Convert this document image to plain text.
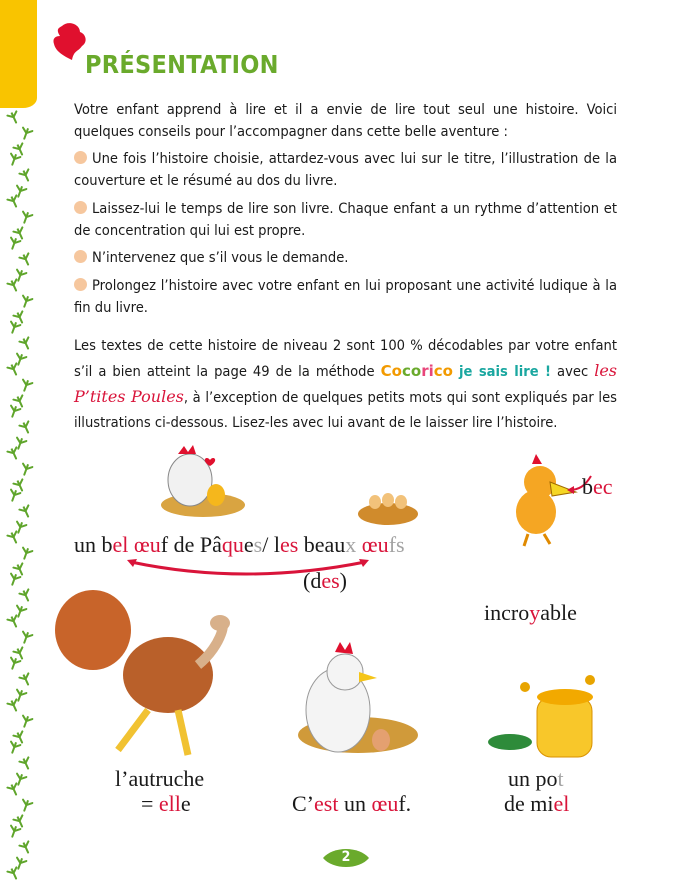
PRÉSENTATION
Votre enfant apprend à lire et il a envie de lire tout seul une histoire. Voici quelques conseils pour l’accompagner dans cette belle aventure :
Une fois l’histoire choisie, attardez-vous avec lui sur le titre, l’illustration de la couverture et le résumé au dos du livre.
Laissez-lui le temps de lire son livre. Chaque enfant a un rythme d’attention et de concentration qui lui est propre.
N’intervenez que s’il vous le demande.
Prolongez l’histoire avec votre enfant en lui proposant une activité ludique à la fin du livre.
Les textes de cette histoire de niveau 2 sont 100 % décodables par votre enfant s’il a bien atteint la page 49 de la méthode Cocorico je sais lire ! avec les P’tites Poules, à l’exception de quelques petits mots qui sont expliqués par les illustrations ci-dessous. Lisez-les avec lui avant de le laisser lire l’histoire.
un bel œuf de Pâques/ les beaux œufs
(des)
bec
incroyable
l’autruche
= elle	C’est un œuf.
un pot
de miel
2
